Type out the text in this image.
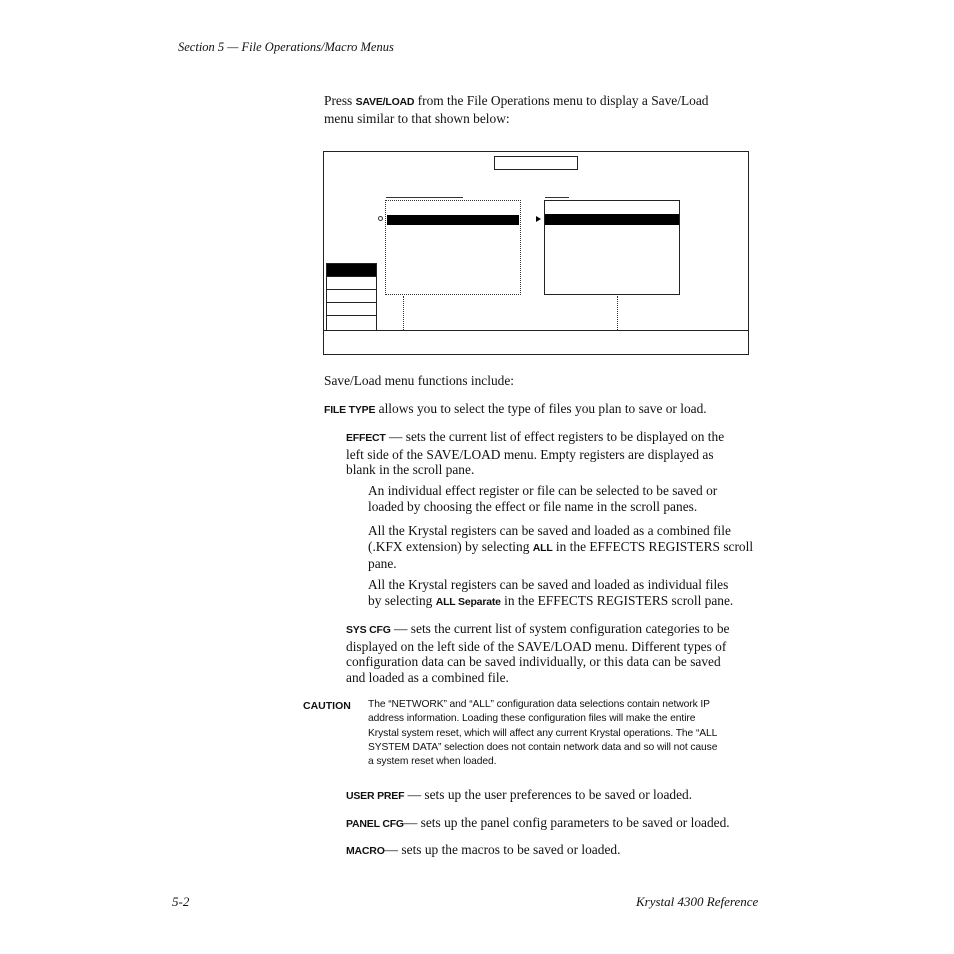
Section 5 — File Operations/Macro Menus
Press SAVE/LOAD from the File Operations menu to display a Save/Load
menu similar to that shown below:
Save/Load menu functions include:
FILE TYPE allows you to select the type of files you plan to save or load.
EFFECT — sets the current list of effect registers to be displayed on the
left side of the SAVE/LOAD menu. Empty registers are displayed as
blank in the scroll pane.
An individual effect register or file can be selected to be saved or
loaded by choosing the effect or file name in the scroll panes.
All the Krystal registers can be saved and loaded as a combined file
(.KFX extension) by selecting ALL in the EFFECTS REGISTERS scroll
pane.
All the Krystal registers can be saved and loaded as individual files
by selecting ALL Separate in the EFFECTS REGISTERS scroll pane.
SYS CFG — sets the current list of system configuration categories to be
displayed on the left side of the SAVE/LOAD menu. Different types of
configuration data can be saved individually, or this data can be saved
and loaded as a combined file.
CAUTION The “NETWORK” and “ALL” configuration data selections contain network IP
address information. Loading these configuration files will make the entire
Krystal system reset, which will affect any current Krystal operations. The “ALL
SYSTEM DATA” selection does not contain network data and so will not cause
a system reset when loaded.
USER PREF — sets up the user preferences to be saved or loaded.
PANEL CFG— sets up the panel config parameters to be saved or loaded.
MACRO— sets up the macros to be saved or loaded.
5-2	Krystal 4300 Reference
